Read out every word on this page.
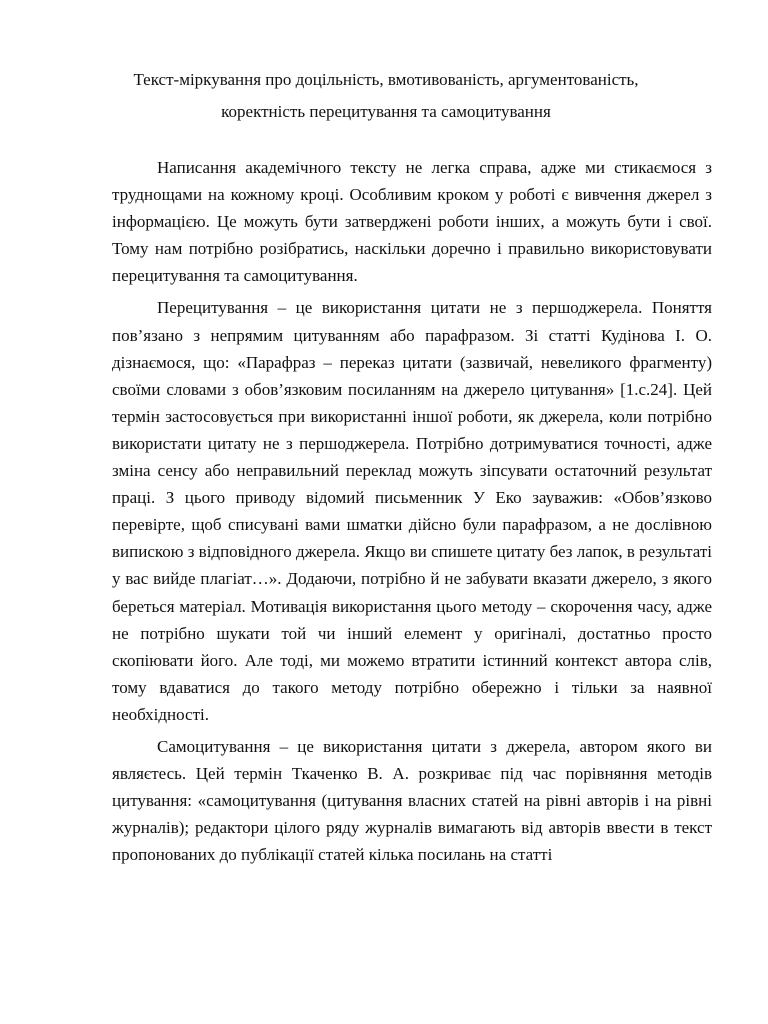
Текст-міркування про доцільність, вмотивованість, аргументованість,
коректність перецитування та самоцитування

Написання академічного тексту не легка справа, адже ми стикаємося з труднощами на кожному кроці. Особливим кроком у роботі є вивчення джерел з інформацією. Це можуть бути затверджені роботи інших, а можуть бути і свої. Тому нам потрібно розібратись, наскільки доречно і правильно використовувати перецитування та самоцитування.

Перецитування – це використання цитати не з першоджерела. Поняття пов’язано з непрямим цитуванням або парафразом. Зі статті Кудінова І. О. дізнаємося, що: «Парафраз – переказ цитати (зазвичай, невеликого фрагменту) своїми словами з обов’язковим посиланням на джерело цитування» [1.с.24]. Цей термін застосовується при використанні іншої роботи, як джерела, коли потрібно використати цитату не з першоджерела. Потрібно дотримуватися точності, адже зміна сенсу або неправильний переклад можуть зіпсувати остаточний результат праці. З цього приводу відомий письменник У Еко зауважив: «Обов’язково перевірте, щоб списувані вами шматки дійсно були парафразом, а не дослівною випискою з відповідного джерела. Якщо ви спишете цитату без лапок, в результаті у вас вийде плагіат…». Додаючи, потрібно й не забувати вказати джерело, з якого береться матеріал. Мотивація використання цього методу – скорочення часу, адже не потрібно шукати той чи інший елемент у оригіналі, достатньо просто скопіювати його. Але тоді, ми можемо втратити істинний контекст автора слів, тому вдаватися до такого методу потрібно обережно і тільки за наявної необхідності.

Самоцитування – це використання цитати з джерела, автором якого ви являєтесь. Цей термін Ткаченко В. А. розкриває під час порівняння методів цитування: «самоцитування (цитування власних статей на рівні авторів і на рівні журналів); редактори цілого ряду журналів вимагають від авторів ввести в текст пропонованих до публікації статей кілька посилань на статті
